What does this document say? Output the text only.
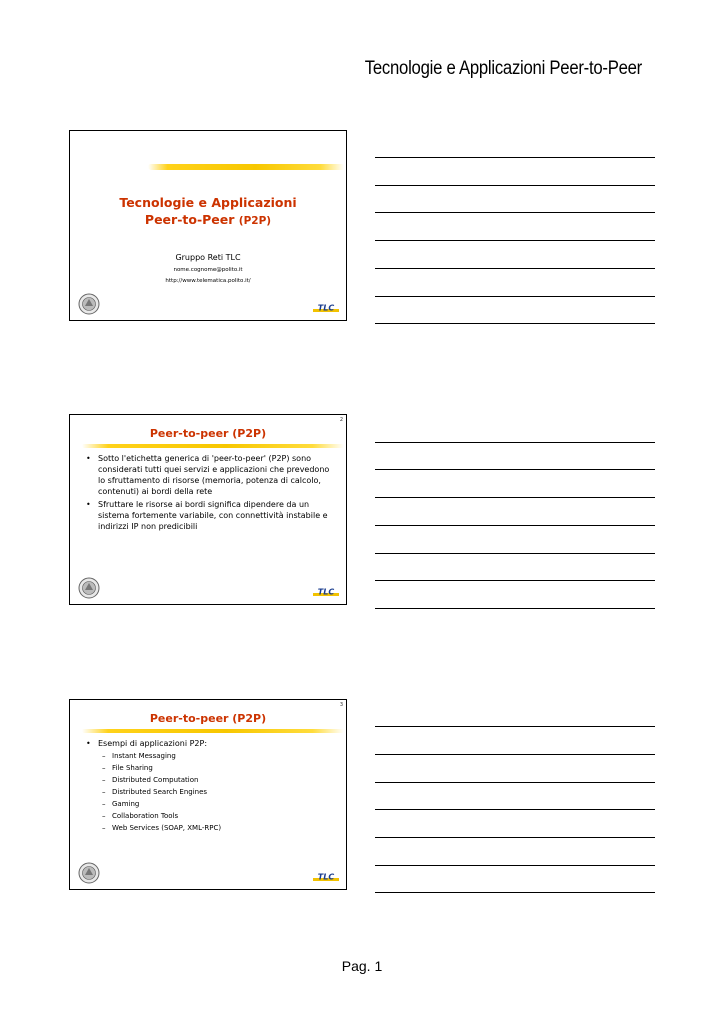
Tecnologie e Applicazioni Peer-to-Peer
Tecnologie e Applicazioni
Peer-to-Peer (P2P)
Gruppo Reti TLC
nome.cognome@polito.it
http://www.telematica.polito.it/
TLC
2
Peer-to-peer (P2P)
• Sotto l'etichetta generica di 'peer-to-peer' (P2P) sono considerati tutti quei servizi e applicazioni che prevedono lo sfruttamento di risorse (memoria, potenza di calcolo, contenuti) ai bordi della rete
• Sfruttare le risorse ai bordi significa dipendere da un sistema fortemente variabile, con connettività instabile e indirizzi IP non predicibili
TLC
3
Peer-to-peer (P2P)
• Esempi di applicazioni P2P:
– Instant Messaging
– File Sharing
– Distributed Computation
– Distributed Search Engines
– Gaming
– Collaboration Tools
– Web Services (SOAP, XML-RPC)
TLC
Pag. 1
